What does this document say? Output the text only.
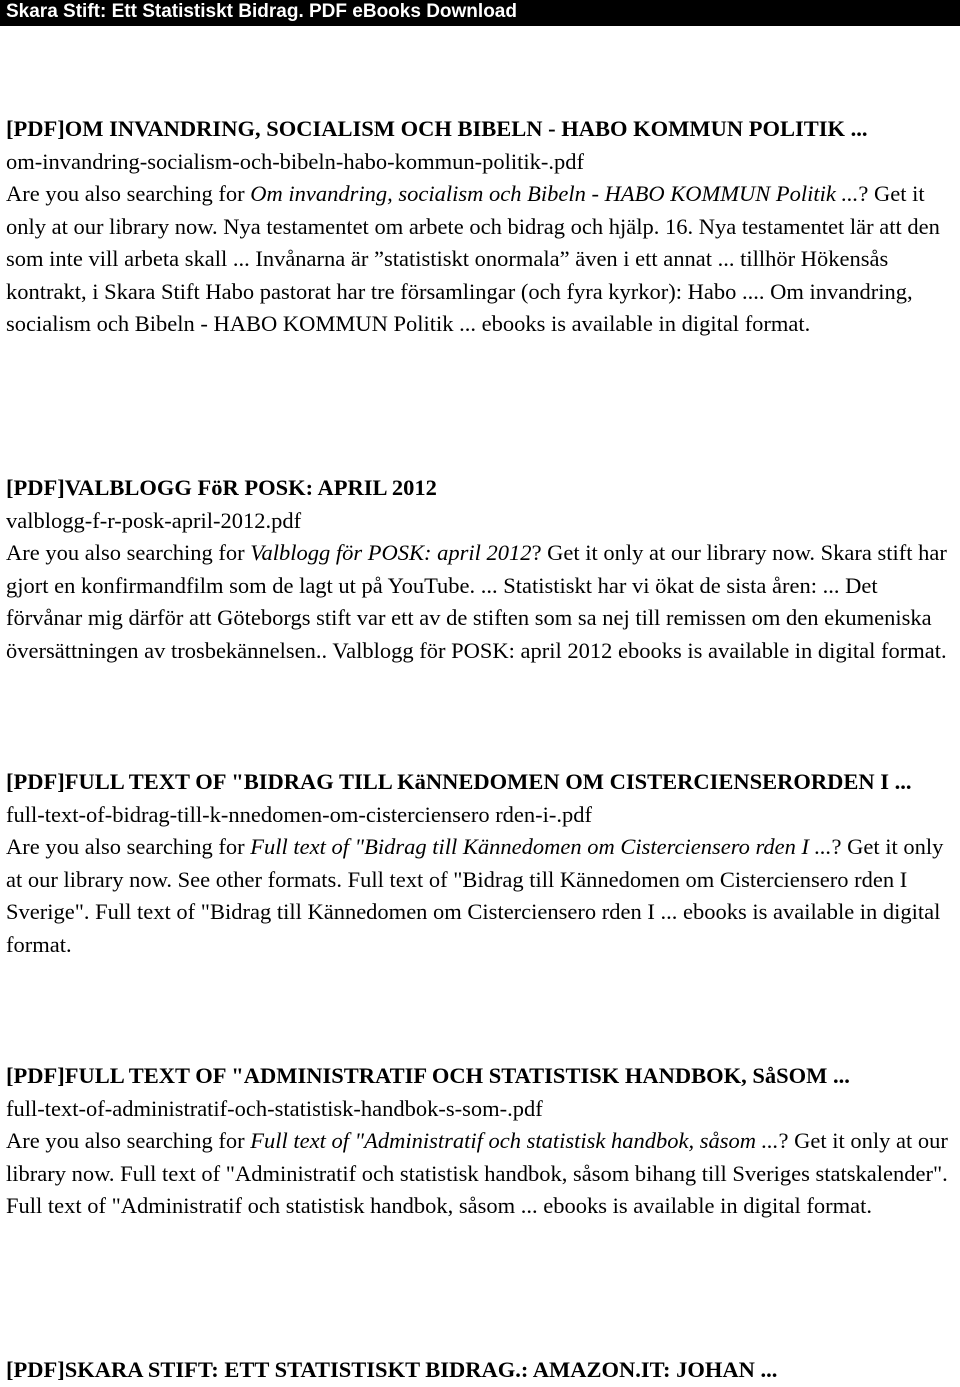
Skara Stift: Ett Statistiskt Bidrag. PDF eBooks Download

[PDF]OM INVANDRING, SOCIALISM OCH BIBELN - HABO KOMMUN POLITIK ...

om-invandring-socialism-och-bibeln-habo-kommun-politik-.pdf

Are you also searching for Om invandring, socialism och Bibeln - HABO KOMMUN Politik ...? Get it only at our library now. Nya testamentet om arbete och bidrag och hjälp. 16. Nya testamentet lär att den som inte vill arbeta skall ... Invånarna är ”statistiskt onormala” även i ett annat ... tillhör Hökensås kontrakt, i Skara Stift Habo pastorat har tre församlingar (och fyra kyrkor): Habo .... Om invandring, socialism och Bibeln - HABO KOMMUN Politik ... ebooks is available in digital format.

[PDF]VALBLOGG FöR POSK: APRIL 2012

valblogg-f-r-posk-april-2012.pdf

Are you also searching for Valblogg för POSK: april 2012? Get it only at our library now. Skara stift har gjort en konfirmandfilm som de lagt ut på YouTube. ... Statistiskt har vi ökat de sista åren: ... Det förvånar mig därför att Göteborgs stift var ett av de stiften som sa nej till remissen om den ekumeniska översättningen av trosbekännelsen.. Valblogg för POSK: april 2012 ebooks is available in digital format.

[PDF]FULL TEXT OF "BIDRAG TILL KäNNEDOMEN OM CISTERCIENSERORDEN I ...

full-text-of-bidrag-till-k-nnedomen-om-cisterciensero rden-i-.pdf

Are you also searching for Full text of "Bidrag till Kännedomen om Cisterciensero rden I ...? Get it only at our library now. See other formats. Full text of "Bidrag till Kännedomen om Cisterciensero rden I Sverige". Full text of "Bidrag till Kännedomen om Cisterciensero rden I ... ebooks is available in digital format.

[PDF]FULL TEXT OF "ADMINISTRATIF OCH STATISTISK HANDBOK, SåSOM ...

full-text-of-administratif-och-statistisk-handbok-s-som-.pdf

Are you also searching for Full text of "Administratif och statistisk handbok, såsom ...? Get it only at our library now. Full text of "Administratif och statistisk handbok, såsom bihang till Sveriges statskalender". Full text of "Administratif och statistisk handbok, såsom ... ebooks is available in digital format.

[PDF]SKARA STIFT: ETT STATISTISKT BIDRAG.: AMAZON.IT: JOHAN ...
